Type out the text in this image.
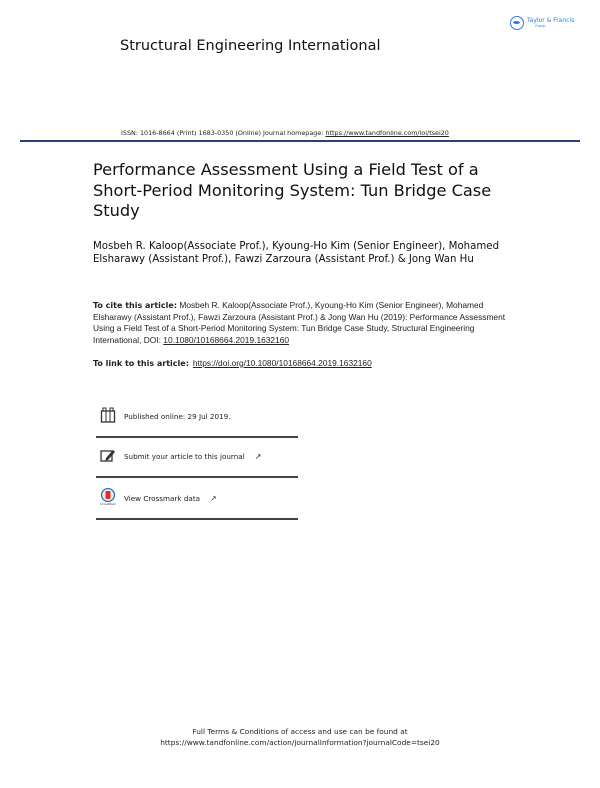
Taylor & Francis
Group
Structural Engineering International
ISSN: 1016-8664 (Print) 1683-0350 (Online) Journal homepage: https://www.tandfonline.com/loi/tsei20
Performance Assessment Using a Field Test of a Short-Period Monitoring System: Tun Bridge Case Study
Mosbeh R. Kaloop(Associate Prof.), Kyoung-Ho Kim (Senior Engineer), Mohamed Elsharawy (Assistant Prof.), Fawzi Zarzoura (Assistant Prof.) & Jong Wan Hu
To cite this article: Mosbeh R. Kaloop(Associate Prof.), Kyoung-Ho Kim (Senior Engineer), Mohamed Elsharawy (Assistant Prof.), Fawzi Zarzoura (Assistant Prof.) & Jong Wan Hu (2019): Performance Assessment Using a Field Test of a Short-Period Monitoring System: Tun Bridge Case Study, Structural Engineering International, DOI: 10.1080/10168664.2019.1632160
To link to this article: https://doi.org/10.1080/10168664.2019.1632160
Published online: 29 Jul 2019.
Submit your article to this journal ↗
CrossMark
View Crossmark data ↗
Full Terms & Conditions of access and use can be found at
https://www.tandfonline.com/action/journalInformation?journalCode=tsei20
